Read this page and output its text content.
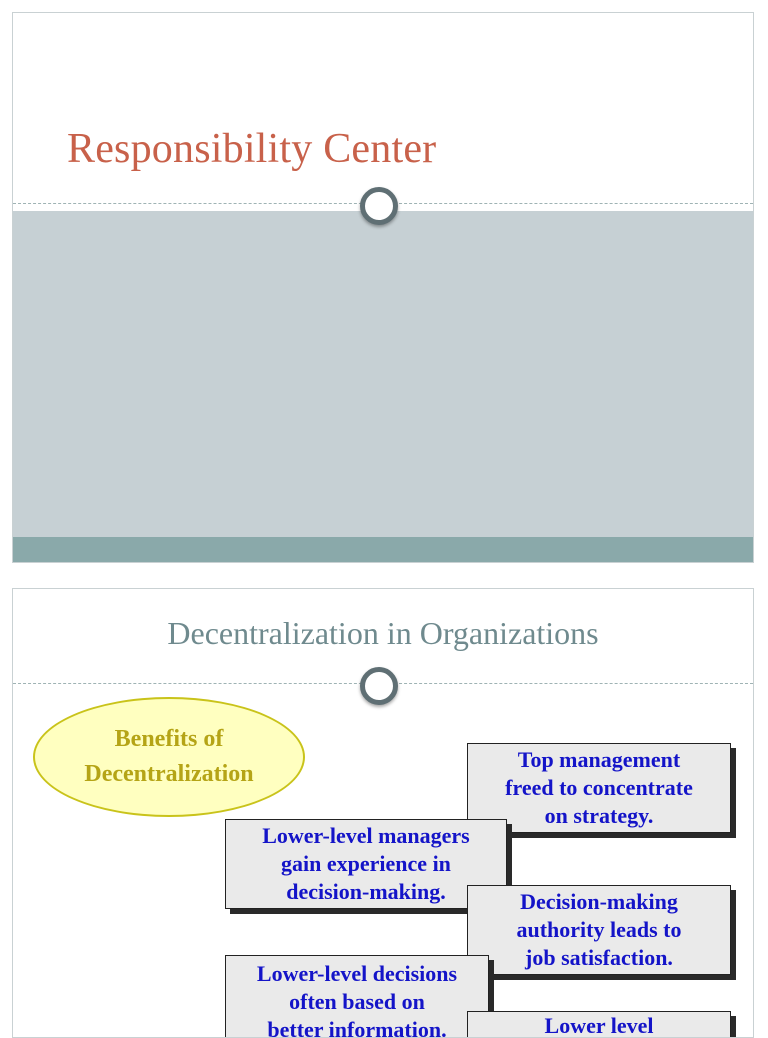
Responsibility Center
Decentralization in Organizations
Benefits of
Decentralization
Top management
freed to concentrate
on strategy.
Lower-level managers
gain experience in
decision-making.	Decision-making
authority leads to
job satisfaction.
Lower-level decisions
often based on
better information.	Lower level
